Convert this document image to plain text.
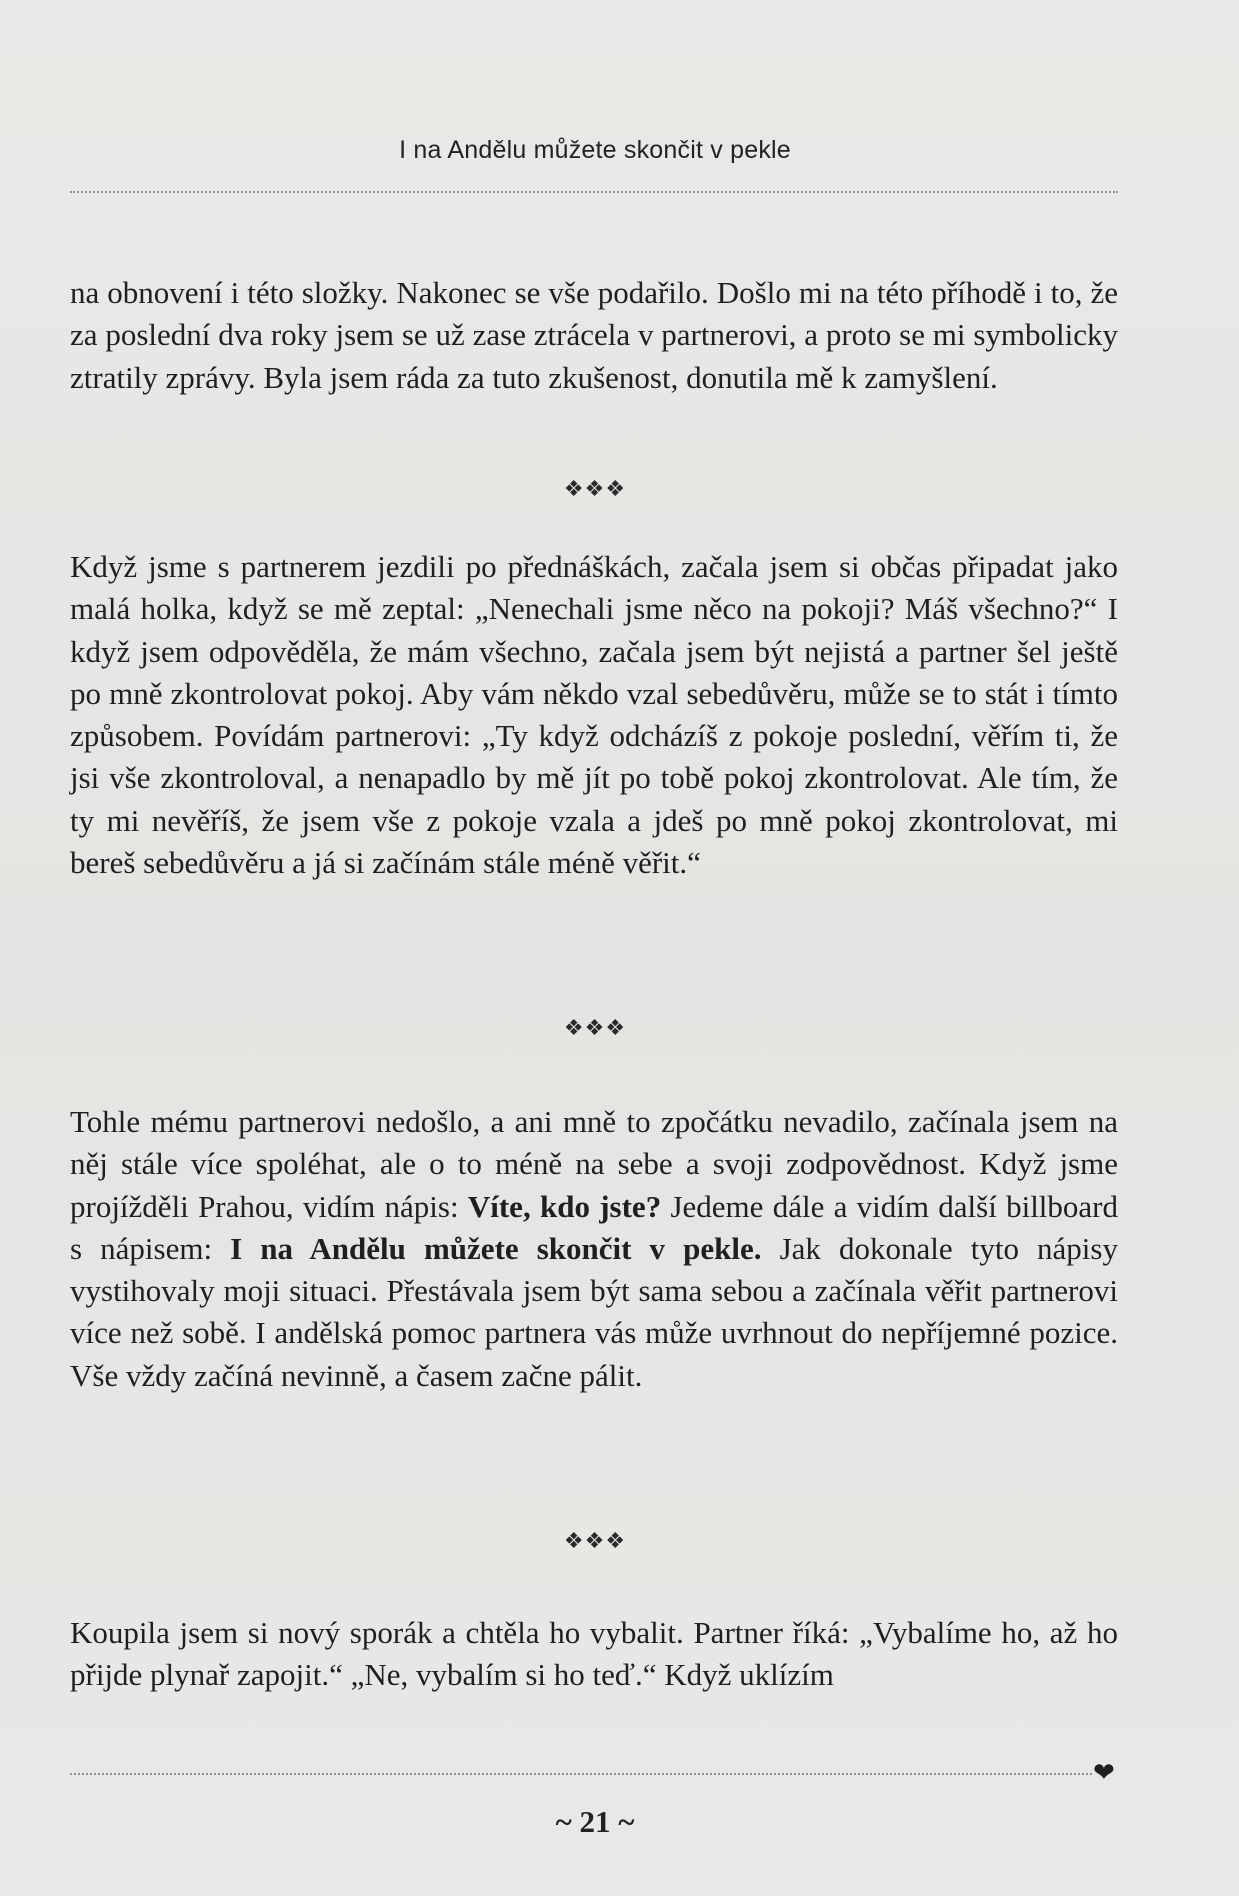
I na Andělu můžete skončit v pekle

na obnovení i této složky. Nakonec se vše podařilo. Došlo mi na této příhodě i to, že za poslední dva roky jsem se už zase ztrácela v partnerovi, a proto se mi symbolicky ztratily zprávy. Byla jsem ráda za tuto zkušenost, donutila mě k zamyšlení.

❖❖❖

Když jsme s partnerem jezdili po přednáškách, začala jsem si občas připadat jako malá holka, když se mě zeptal: „Nenechali jsme něco na pokoji? Máš všechno?“ I když jsem odpověděla, že mám všechno, začala jsem být nejistá a partner šel ještě po mně zkontrolovat pokoj. Aby vám někdo vzal sebedůvěru, může se to stát i tímto způsobem. Povídám partnerovi: „Ty když odcházíš z pokoje poslední, věřím ti, že jsi vše zkontroloval, a nenapadlo by mě jít po tobě pokoj zkontrolovat. Ale tím, že ty mi nevěříš, že jsem vše z pokoje vzala a jdeš po mně pokoj zkontrolovat, mi bereš sebedůvěru a já si začínám stále méně věřit.“

❖❖❖

Tohle mému partnerovi nedošlo, a ani mně to zpočátku nevadilo, začínala jsem na něj stále více spoléhat, ale o to méně na sebe a svoji zodpovědnost. Když jsme projížděli Prahou, vidím nápis: Víte, kdo jste? Jedeme dále a vidím další billboard s nápisem: I na Andělu můžete skončit v pekle. Jak dokonale tyto nápisy vystihovaly moji situaci. Přestávala jsem být sama sebou a začínala věřit partnerovi více než sobě. I andělská pomoc partnera vás může uvrhnout do nepříjemné pozice. Vše vždy začíná nevinně, a časem začne pálit.

❖❖❖

Koupila jsem si nový sporák a chtěla ho vybalit. Partner říká: „Vybalíme ho, až ho přijde plynař zapojit.“ „Ne, vybalím si ho teď.“ Když uklízím

❤
~ 21 ~
